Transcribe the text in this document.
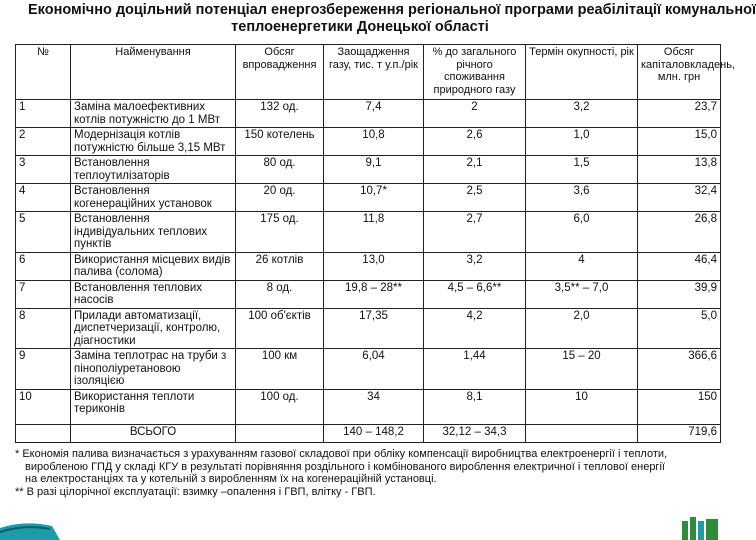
Економічно доцільний потенціал енергозбереження регіональної програми реабілітації комунальної
теплоенергетики Донецької області
№	Найменування	Обсяг впровадження	Заощадження газу, тис. т у.п./рік	% до загального річного споживання природного газу	Термін окупності, рік	Обсяг капіталовкладень, млн. грн
1	Заміна малоефективних котлів потужністю до 1 МВт	132 од.	7,4	2	3,2	23,7
2	Модернізація котлів потужністю більше 3,15 МВт	150 котелень	10,8	2,6	1,0	15,0
3	Встановлення теплоутилізаторів	80 од.	9,1	2,1	1,5	13,8
4	Встановлення когенераційних установок	20 од.	10,7*	2,5	3,6	32,4
5	Встановлення індивідуальних теплових пунктів	175 од.	11,8	2,7	6,0	26,8
6	Використання місцевих видів палива (солома)	26 котлів	13,0	3,2	4	46,4
7	Встановлення теплових насосів	8 од.	19,8 – 28**	4,5 – 6,6**	3,5** – 7,0	39,9
8	Прилади автоматизації, диспетчеризації, контролю, діагностики	100 об'єктів	17,35	4,2	2,0	5,0
9	Заміна теплотрас на труби з пінополіуретановою ізоляцією	100 км	6,04	1,44	15 – 20	366,6
10	Використання теплоти териконів	100 од.	34	8,1	10	150
	ВСЬОГО		140 – 148,2	32,12 – 34,3		719,6
* Економія палива визначається з урахуванням газової складової при обліку компенсації виробництва електроенергії і теплоти,
виробленою ГПД у складі КГУ в результаті порівняння роздільного і комбінованого вироблення електричної і теплової енергії
на електростанціях та у котельній з виробленням їх на когенераційній установці.
** В разі цілорічної експлуатації: взимку –опалення і ГВП, влітку - ГВП.
